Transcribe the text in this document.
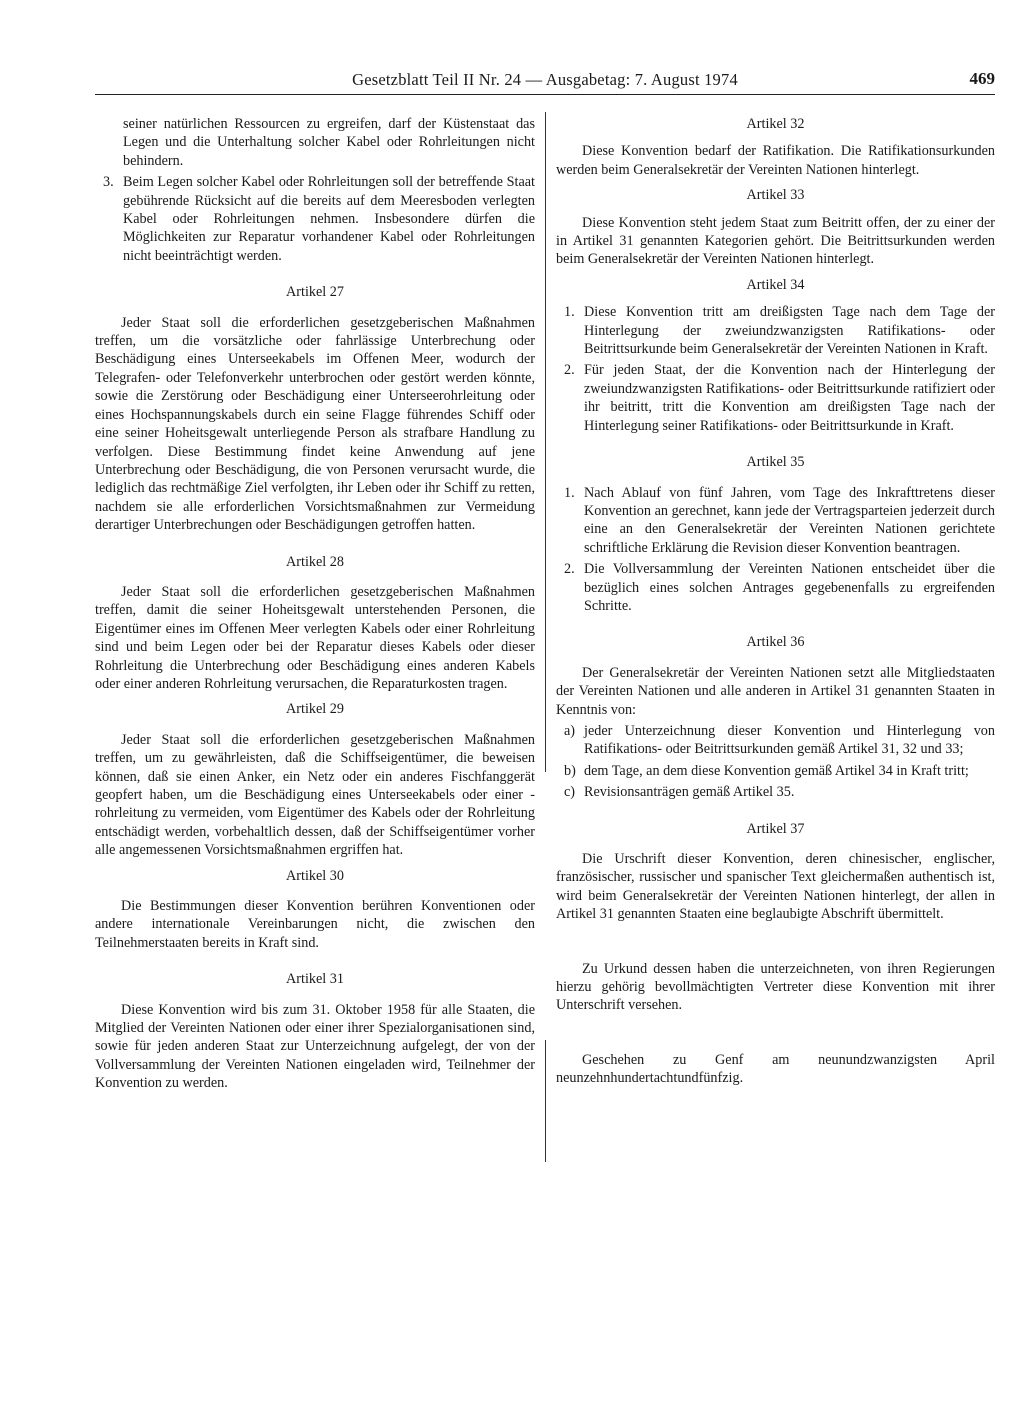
Gesetzblatt Teil II Nr. 24 — Ausgabetag: 7. August 1974	469

seiner natürlichen Ressourcen zu ergreifen, darf der Küstenstaat das Legen und die Unterhaltung solcher Kabel oder Rohrleitungen nicht behindern.

3. Beim Legen solcher Kabel oder Rohrleitungen soll der betreffende Staat gebührende Rücksicht auf die bereits auf dem Meeresboden verlegten Kabel oder Rohrleitungen nehmen. Insbesondere dürfen die Möglichkeiten zur Reparatur vorhandener Kabel oder Rohrleitungen nicht beeinträchtigt werden.
Artikel 27

Jeder Staat soll die erforderlichen gesetzgeberischen Maßnahmen treffen, um die vorsätzliche oder fahrlässige Unterbrechung oder Beschädigung eines Unterseekabels im Offenen Meer, wodurch der Telegrafen- oder Telefonverkehr unterbrochen oder gestört werden könnte, sowie die Zerstörung oder Beschädigung einer Unterseerohrleitung oder eines Hochspannungskabels durch ein seine Flagge führendes Schiff oder eine seiner Hoheitsgewalt unterliegende Person als strafbare Handlung zu verfolgen. Diese Bestimmung findet keine Anwendung auf jene Unterbrechung oder Beschädigung, die von Personen verursacht wurde, die lediglich das rechtmäßige Ziel verfolgten, ihr Leben oder ihr Schiff zu retten, nachdem sie alle erforderlichen Vorsichtsmaßnahmen zur Vermeidung derartiger Unterbrechungen oder Beschädigungen getroffen hatten.

Artikel 28

Jeder Staat soll die erforderlichen gesetzgeberischen Maßnahmen treffen, damit die seiner Hoheitsgewalt unterstehenden Personen, die Eigentümer eines im Offenen Meer verlegten Kabels oder einer Rohrleitung sind und beim Legen oder bei der Reparatur dieses Kabels oder dieser Rohrleitung die Unterbrechung oder Beschädigung eines anderen Kabels oder einer anderen Rohrleitung verursachen, die Reparaturkosten tragen.

Artikel 29

Jeder Staat soll die erforderlichen gesetzgeberischen Maßnahmen treffen, um zu gewährleisten, daß die Schiffseigentümer, die beweisen können, daß sie einen Anker, ein Netz oder ein anderes Fischfanggerät geopfert haben, um die Beschädigung eines Unterseekabels oder einer -rohrleitung zu vermeiden, vom Eigentümer des Kabels oder der Rohrleitung entschädigt werden, vorbehaltlich dessen, daß der Schiffseigentümer vorher alle angemessenen Vorsichtsmaßnahmen ergriffen hat.

Artikel 30

Die Bestimmungen dieser Konvention berühren Konventionen oder andere internationale Vereinbarungen nicht, die zwischen den Teilnehmerstaaten bereits in Kraft sind.

Artikel 31

Diese Konvention wird bis zum 31. Oktober 1958 für alle Staaten, die Mitglied der Vereinten Nationen oder einer ihrer Spezialorganisationen sind, sowie für jeden anderen Staat zur Unterzeichnung aufgelegt, der von der Vollversammlung der Vereinten Nationen eingeladen wird, Teilnehmer der Konvention zu werden.

Artikel 32

Diese Konvention bedarf der Ratifikation. Die Ratifikationsurkunden werden beim Generalsekretär der Vereinten Nationen hinterlegt.

Artikel 33

Diese Konvention steht jedem Staat zum Beitritt offen, der zu einer der in Artikel 31 genannten Kategorien gehört. Die Beitrittsurkunden werden beim Generalsekretär der Vereinten Nationen hinterlegt.

Artikel 34
1. Diese Konvention tritt am dreißigsten Tage nach dem Tage der Hinterlegung der zweiundzwanzigsten Ratifikations- oder Beitrittsurkunde beim Generalsekretär der Vereinten Nationen in Kraft.
2. Für jeden Staat, der die Konvention nach der Hinterlegung der zweiundzwanzigsten Ratifikations- oder Beitrittsurkunde ratifiziert oder ihr beitritt, tritt die Konvention am dreißigsten Tage nach der Hinterlegung seiner Ratifikations- oder Beitrittsurkunde in Kraft.
Artikel 35
1. Nach Ablauf von fünf Jahren, vom Tage des Inkrafttretens dieser Konvention an gerechnet, kann jede der Vertragsparteien jederzeit durch eine an den Generalsekretär der Vereinten Nationen gerichtete schriftliche Erklärung die Revision dieser Konvention beantragen.
2. Die Vollversammlung der Vereinten Nationen entscheidet über die bezüglich eines solchen Antrages gegebenenfalls zu ergreifenden Schritte.
Artikel 36

Der Generalsekretär der Vereinten Nationen setzt alle Mitgliedstaaten der Vereinten Nationen und alle anderen in Artikel 31 genannten Staaten in Kenntnis von:

a) jeder Unterzeichnung dieser Konvention und Hinterlegung von Ratifikations- oder Beitrittsurkunden gemäß Artikel 31, 32 und 33;
b) dem Tage, an dem diese Konvention gemäß Artikel 34 in Kraft tritt;
c) Revisionsanträgen gemäß Artikel 35.
Artikel 37

Die Urschrift dieser Konvention, deren chinesischer, englischer, französischer, russischer und spanischer Text gleichermaßen authentisch ist, wird beim Generalsekretär der Vereinten Nationen hinterlegt, der allen in Artikel 31 genannten Staaten eine beglaubigte Abschrift übermittelt.

Zu Urkund dessen haben die unterzeichneten, von ihren Regierungen hierzu gehörig bevollmächtigten Vertreter diese Konvention mit ihrer Unterschrift versehen.

Geschehen zu Genf am neunundzwanzigsten April neunzehnhundertachtundfünfzig.
